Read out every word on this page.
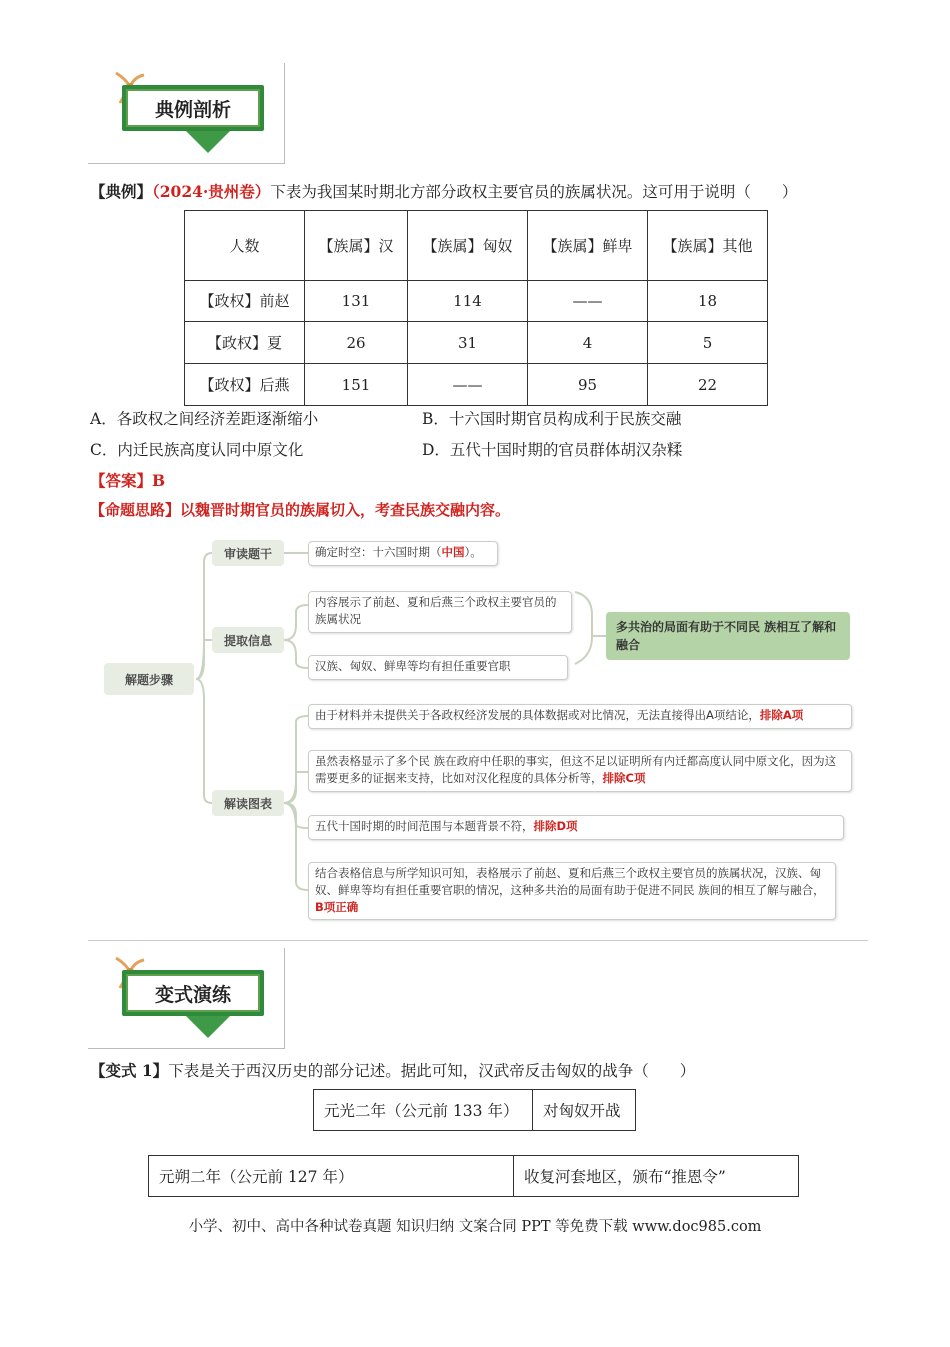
典例剖析
【典例】（2024·贵州卷）下表为我国某时期北方部分政权主要官员的族属状况。这可用于说明（　　）
人数	【族属】汉	【族属】匈奴	【族属】鲜卑	【族属】其他
【政权】前赵	131	114	——	18
【政权】夏	26	31	4	5
【政权】后燕	151	——	95	22
A．各政权之间经济差距逐渐缩小	B．十六国时期官员构成利于民族交融
C．内迁民族高度认同中原文化	D．五代十国时期的官员群体胡汉杂糅
【答案】B
【命题思路】以魏晋时期官员的族属切入，考查民族交融内容。
解题步骤
审读题干	确定时空：十六国时期（中国）。
提取信息
内容展示了前赵、夏和后燕三个政权主要官员的族属状况
汉族、匈奴、鲜卑等均有担任重要官职
多共治的局面有助于不同民 族相互了解和融合
解读图表
由于材料并未提供关于各政权经济发展的具体数据或对比情况，无法直接得出A项结论，排除A项
虽然表格显示了多个民 族在政府中任职的事实，但这不足以证明所有内迁都高度认同中原文化，因为这需要更多的证据来支持，比如对汉化程度的具体分析等，排除C项
五代十国时期的时间范围与本题背景不符，排除D项
结合表格信息与所学知识可知，表格展示了前赵、夏和后燕三个政权主要官员的族属状况，汉族、匈奴、鲜卑等均有担任重要官职的情况，这种多共治的局面有助于促进不同民 族间的相互了解与融合，B项正确
变式演练
【变式 1】下表是关于西汉历史的部分记述。据此可知，汉武帝反击匈奴的战争（　　）
元光二年（公元前 133 年）	对匈奴开战
元朔二年（公元前 127 年）	收复河套地区，颁布“推恩令”
小学、初中、高中各种试卷真题 知识归纳 文案合同 PPT 等免费下载 www.doc985.com
